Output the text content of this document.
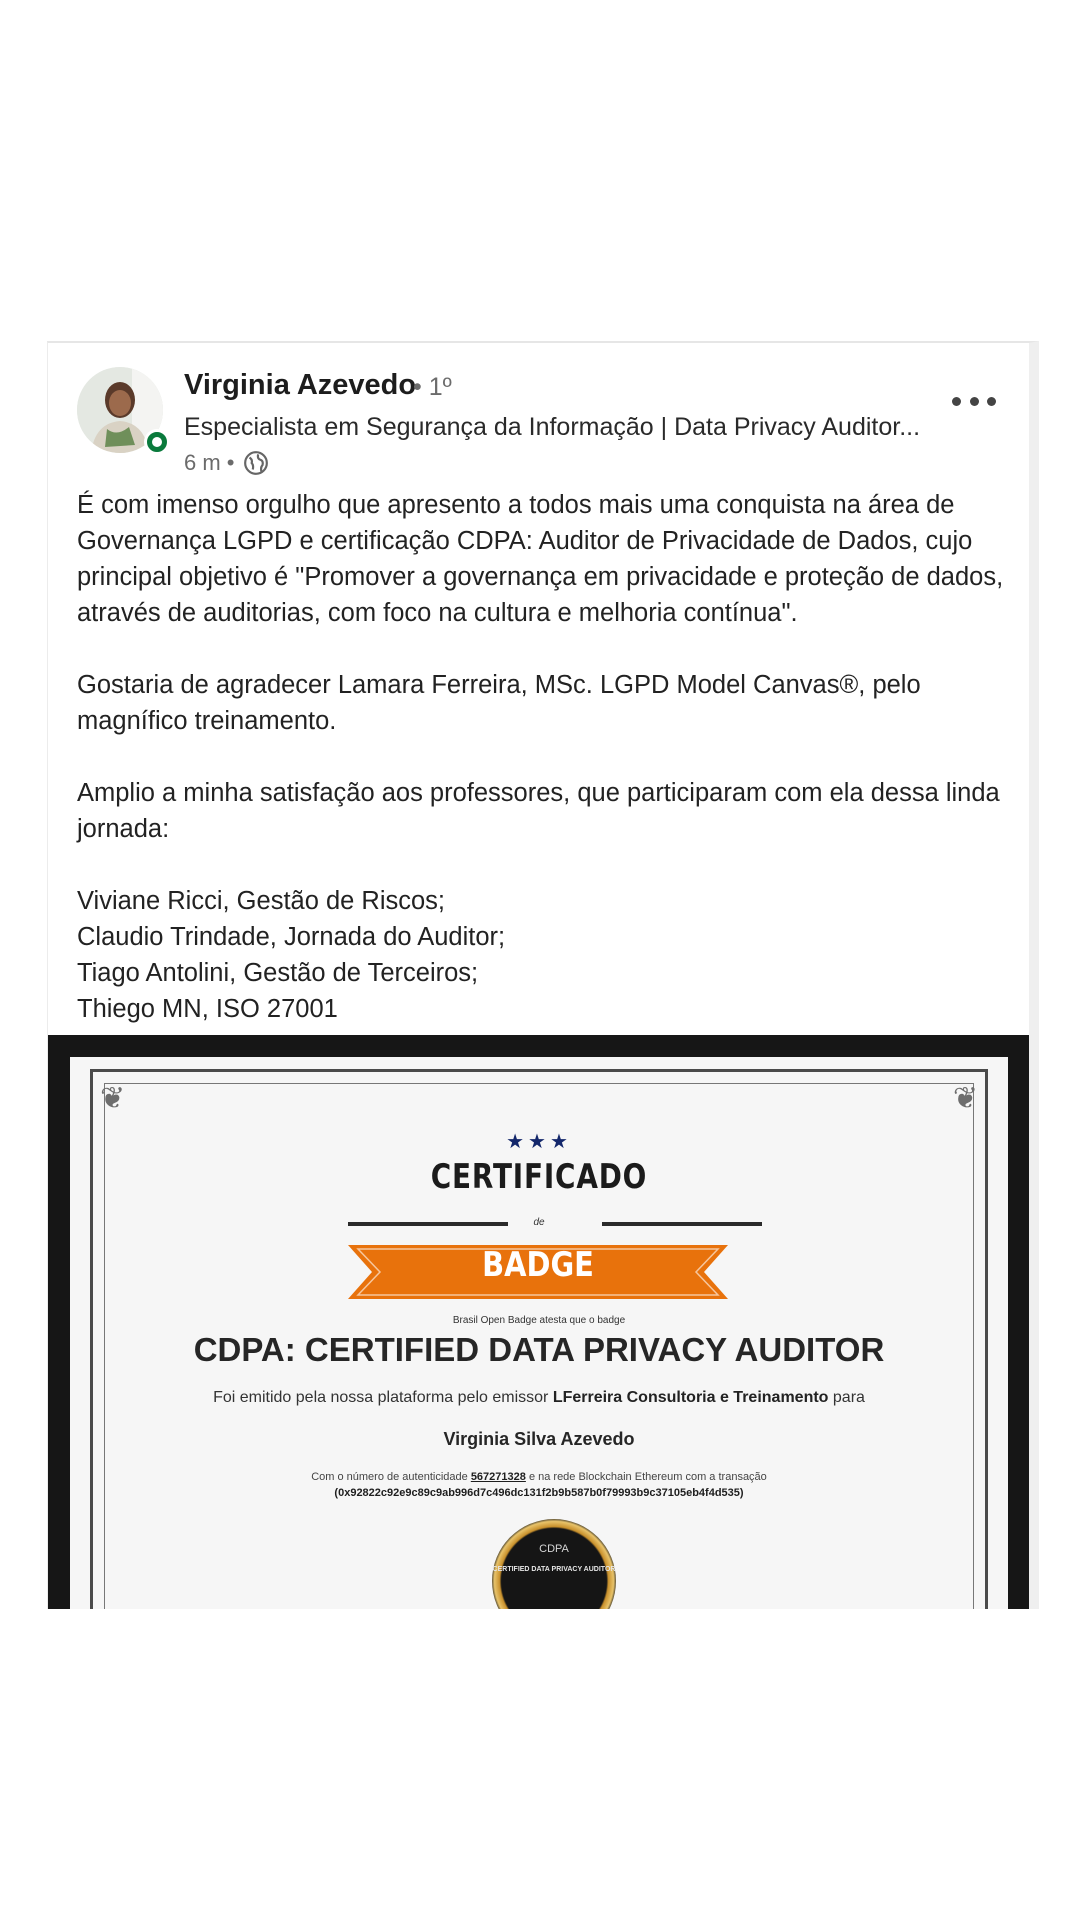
Virginia Azevedo
• 1º
Especialista em Segurança da Informação | Data Privacy Auditor...
6 m •

É com imenso orgulho que apresento a todos mais uma conquista na área de Governança LGPD e certificação CDPA: Auditor de Privacidade de Dados, cujo principal objetivo é "Promover a governança em privacidade e proteção de dados, através de auditorias, com foco na cultura e melhoria contínua".

Gostaria de agradecer Lamara Ferreira, MSc. LGPD Model Canvas®, pelo magnífico treinamento.

Amplio a minha satisfação aos professores, que participaram com ela dessa linda jornada:

Viviane Ricci, Gestão de Riscos;

Claudio Trindade, Jornada do Auditor;

Tiago Antolini, Gestão de Terceiros;

Thiego MN, ISO 27001

❦	❦
★★★
CERTIFICADO
de
BADGE
Brasil Open Badge atesta que o badge
CDPA: CERTIFIED DATA PRIVACY AUDITOR
Foi emitido pela nossa plataforma pelo emissor LFerreira Consultoria e Treinamento para
Virginia Silva Azevedo
Com o número de autenticidade 567271328 e na rede Blockchain Ethereum com a transação
(0x92822c92e9c89c9ab996d7c496dc131f2b9b587b0f79993b9c37105eb4f4d535)
CDPA
CERTIFIED DATA PRIVACY AUDITOR
